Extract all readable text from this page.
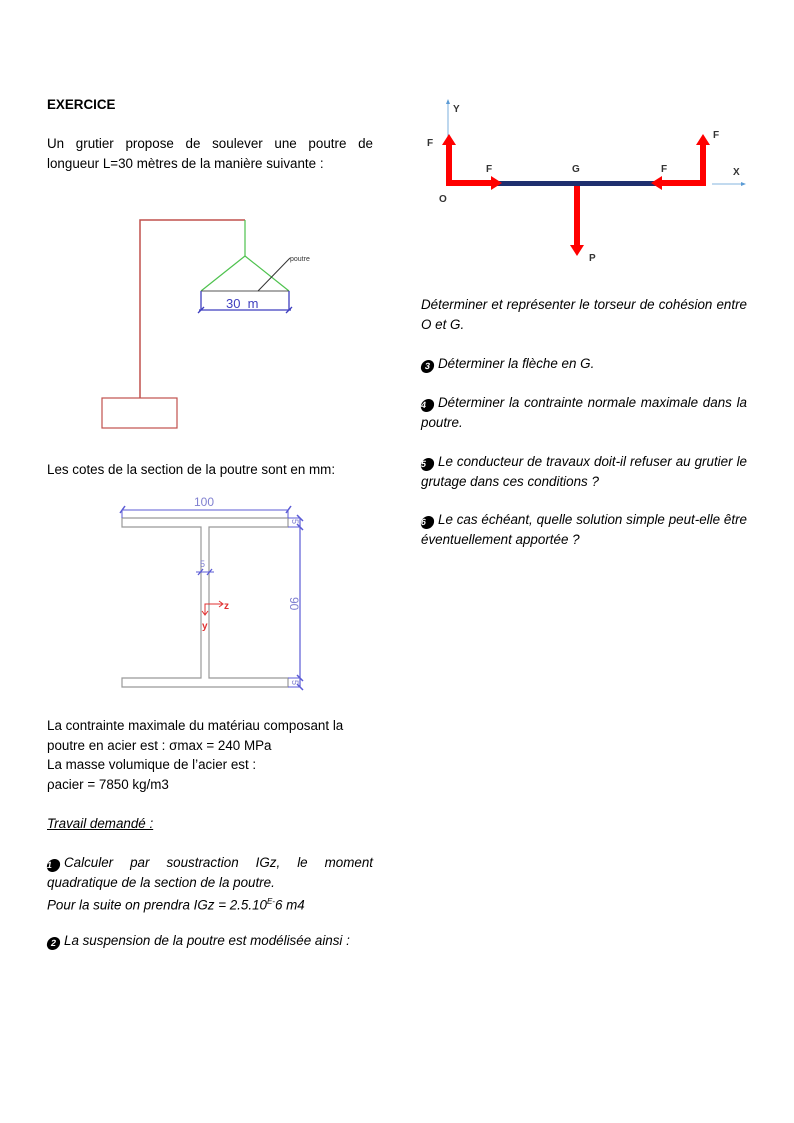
EXERCICE
Un grutier propose de soulever une poutre de longueur L=30 mètres de la manière suivante :
poutre
30  m
Les cotes de la section de la poutre sont en mm:
100
5
5
90
5
z
y
La contrainte maximale du matériau composant la
poutre en acier est : σmax = 240 MPa
La masse volumique de l’acier est :
ρacier = 7850 kg/m3
Travail demandé :
1 Calculer par soustraction IGz, le moment quadratique de la section de la poutre.
Pour la suite on prendra IGz = $2.5.10^{E-}6$ m4
2 La suspension de la poutre est modélisée ainsi :
Y
X
F
F
F
F
G
O
P
Déterminer et représenter le torseur de cohésion entre O et G.
3 Déterminer la flèche en G.
4 Déterminer la contrainte normale maximale dans la poutre.
5 Le conducteur de travaux doit-il refuser au grutier le grutage dans ces conditions ?
6 Le cas échéant, quelle solution simple peut-elle être éventuellement apportée ?
